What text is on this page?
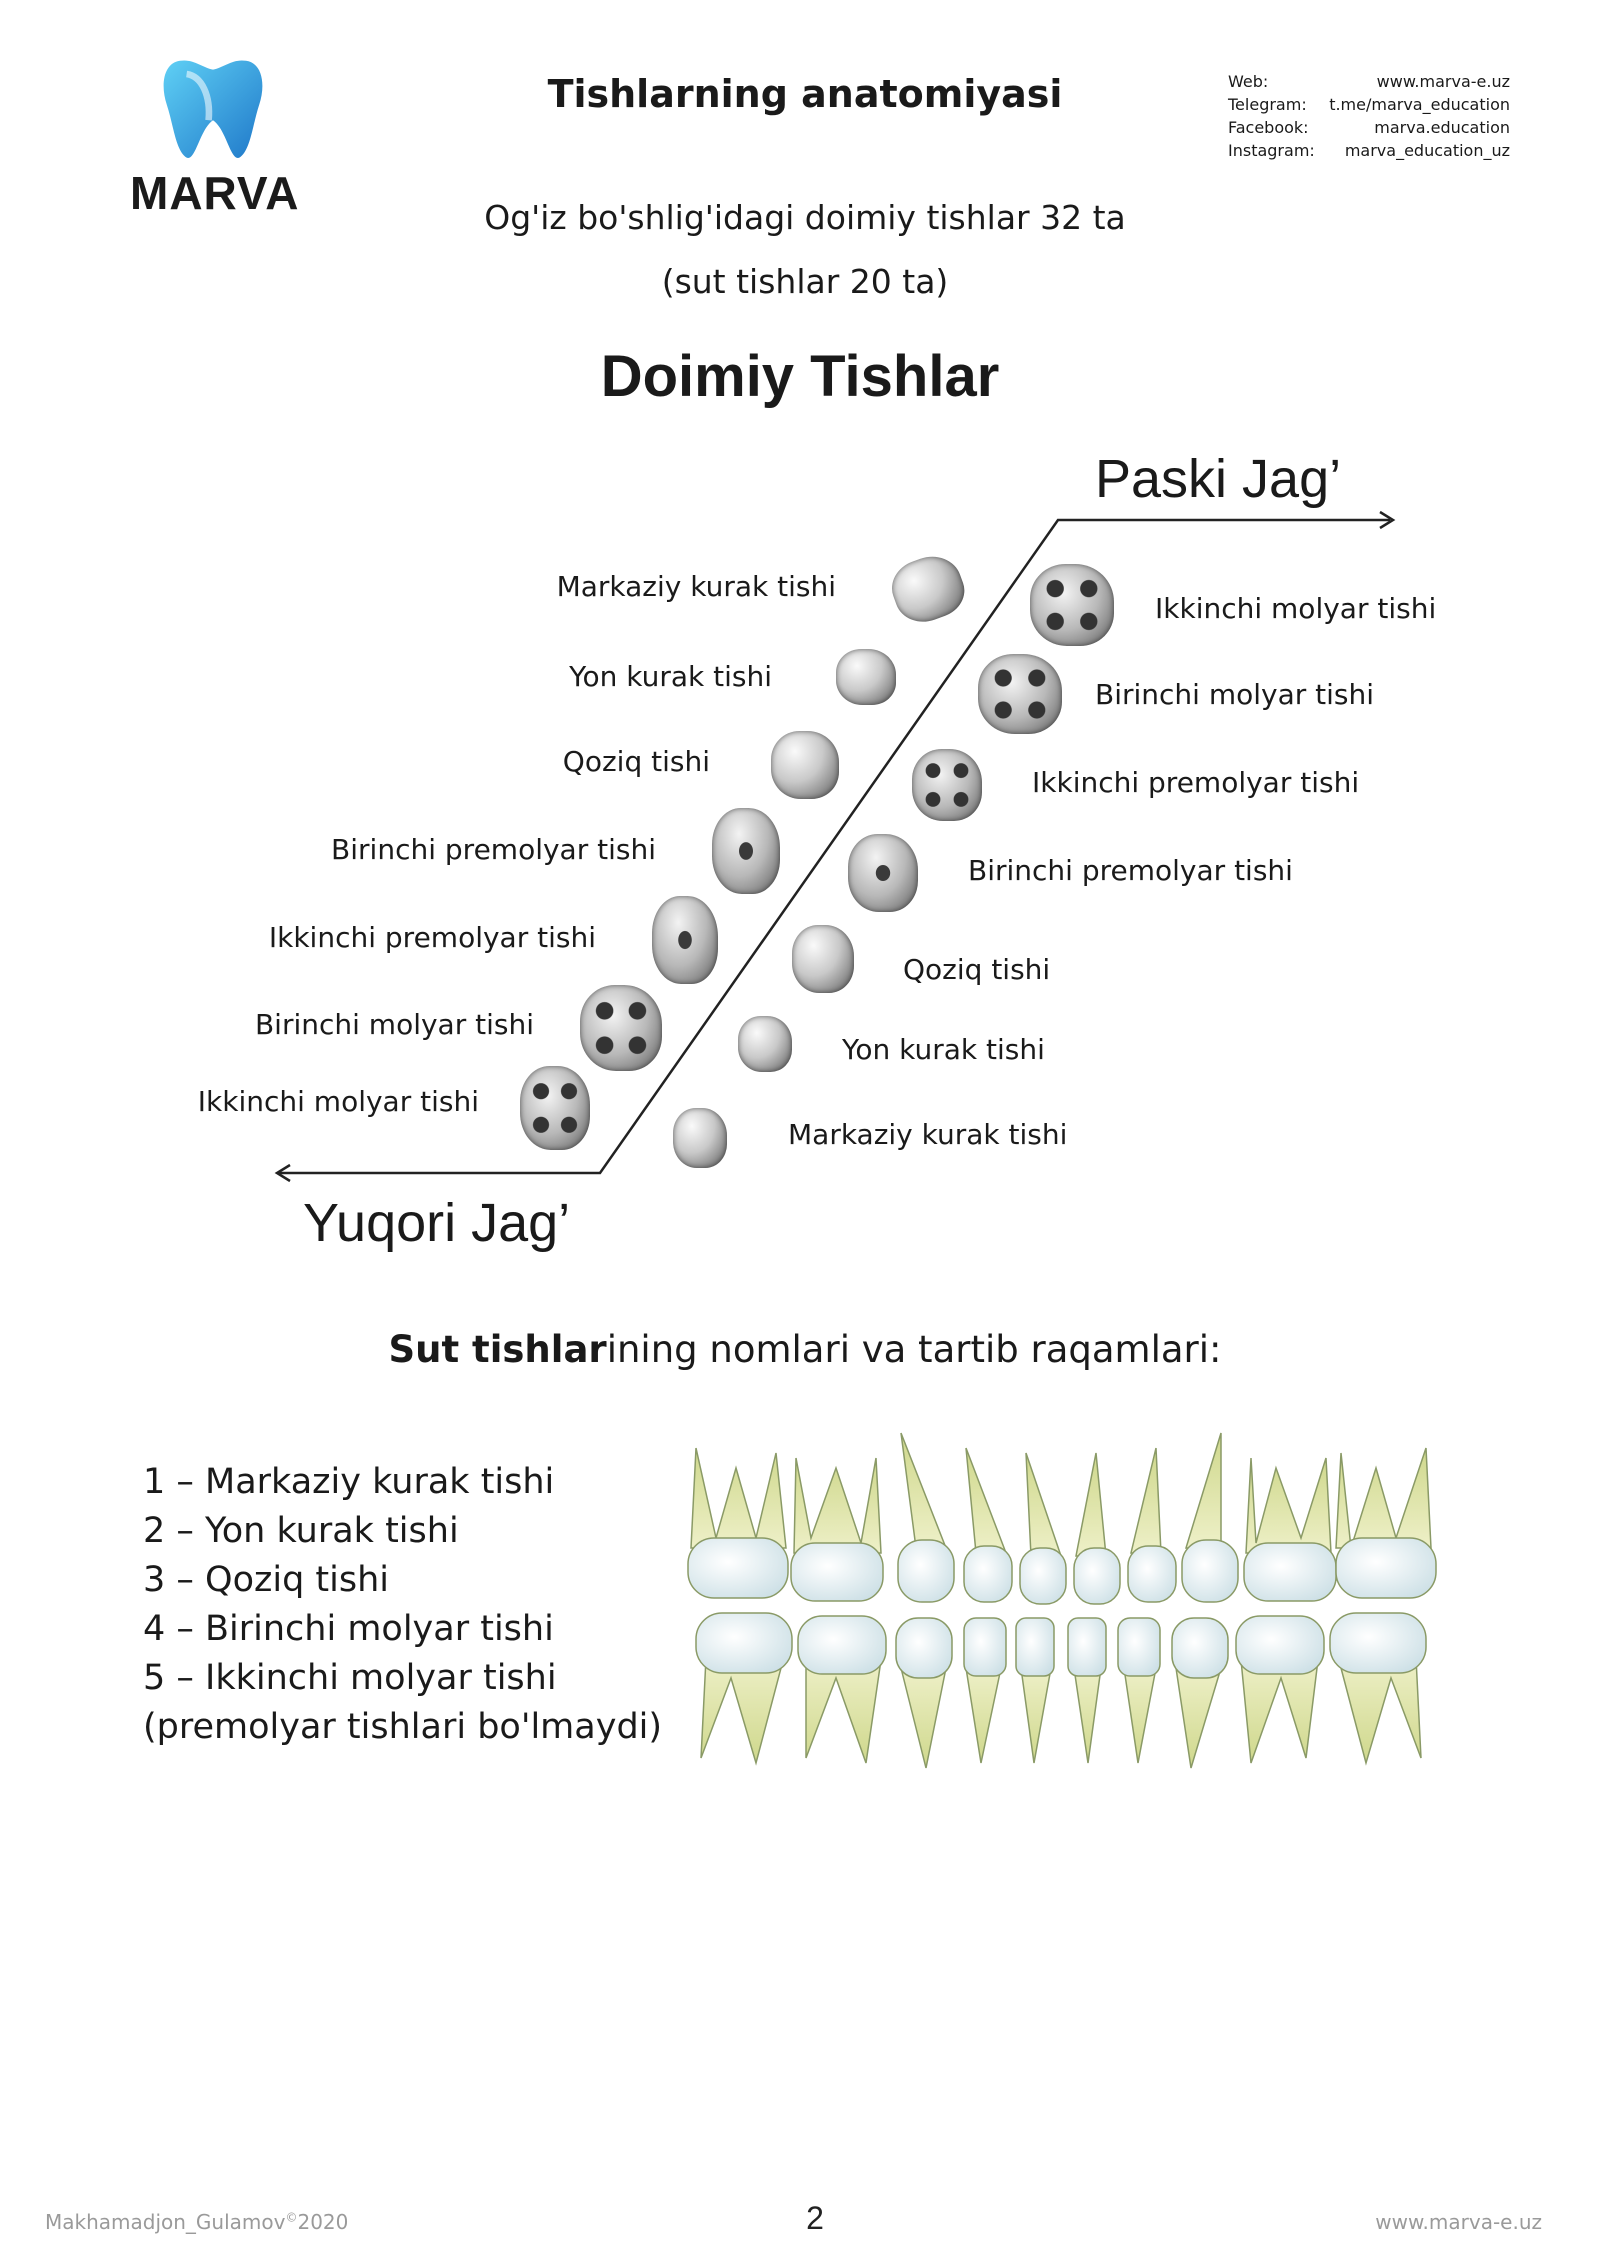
MARVA
Tishlarning anatomiyasi	Web:	www.marva-e.uz
Telegram: t.me/marva_education
Facebook:	marva.education
Instagram: marva_education_uz
Og'iz bo'shlig'idagi doimiy tishlar 32 ta
(sut tishlar 20 ta)
Doimiy Tishlar
Paski Jag’
Yuqori Jag’
Markaziy kurak tishi
Yon kurak tishi
Qoziq tishi
Birinchi premolyar tishi
Ikkinchi premolyar tishi
Birinchi molyar tishi
Ikkinchi molyar tishi
Ikkinchi molyar tishi
Birinchi molyar tishi
Ikkinchi premolyar tishi
Birinchi premolyar tishi
Qoziq tishi
Yon kurak tishi
Markaziy kurak tishi
Sut tishlarining nomlari va tartib raqamlari:
1 – Markaziy kurak tishi
2 – Yon kurak tishi
3 – Qoziq tishi
4 – Birinchi molyar tishi
5 – Ikkinchi molyar tishi
(premolyar tishlari bo'lmaydi)
Makhamadjon_Gulamov©2020	2	www.marva-e.uz
